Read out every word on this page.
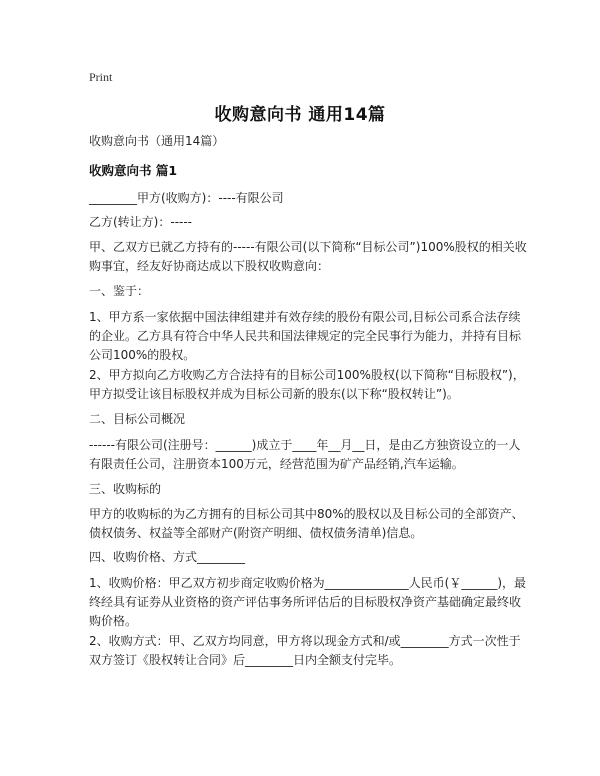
Print
收购意向书 通用14篇

收购意向书（通用14篇）

收购意向书 篇1

________甲方(收购方)：----有限公司

乙方(转让方)：-----

甲、乙双方已就乙方持有的-----有限公司(以下简称“目标公司”)100%股权的相关收购事宜，经友好协商达成以下股权收购意向：

一、鉴于：

1、甲方系一家依据中国法律组建并有效存续的股份有限公司,目标公司系合法存续的企业。乙方具有符合中华人民共和国法律规定的完全民事行为能力，并持有目标公司100%的股权。

2、甲方拟向乙方收购乙方合法持有的目标公司100%股权(以下简称“目标股权”)，甲方拟受让该目标股权并成为目标公司新的股东(以下称“股权转让”)。

二、目标公司概况

------有限公司(注册号：______)成立于____年__月__日，是由乙方独资设立的一人有限责任公司，注册资本100万元，经营范围为矿产品经销,汽车运输。

三、收购标的

甲方的收购标的为乙方拥有的目标公司其中80%的股权以及目标公司的全部资产、债权债务、权益等全部财产(附资产明细、债权债务清单)信息。

四、收购价格、方式________

1、收购价格：甲乙双方初步商定收购价格为______________人民币(￥______)，最终经具有证券从业资格的资产评估事务所评估后的目标股权净资产基础确定最终收购价格。

2、收购方式：甲、乙双方均同意，甲方将以现金方式和/或________方式一次性于双方签订《股权转让合同》后________日内全额支付完毕。
